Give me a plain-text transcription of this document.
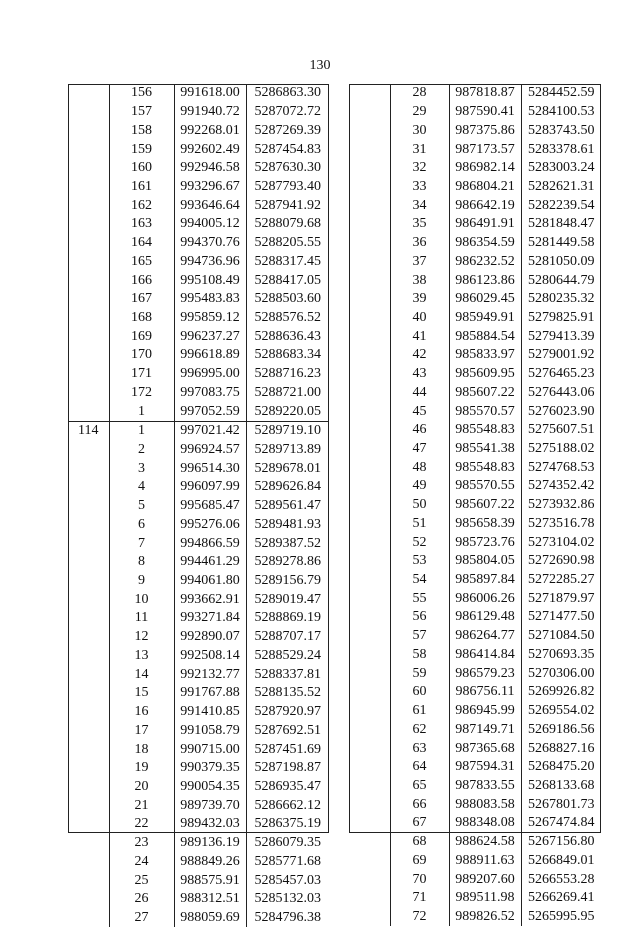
130
	156	991618.00	5286863.30
	157	991940.72	5287072.72
	158	992268.01	5287269.39
	159	992602.49	5287454.83
	160	992946.58	5287630.30
	161	993296.67	5287793.40
	162	993646.64	5287941.92
	163	994005.12	5288079.68
	164	994370.76	5288205.55
	165	994736.96	5288317.45
	166	995108.49	5288417.05
	167	995483.83	5288503.60
	168	995859.12	5288576.52
	169	996237.27	5288636.43
	170	996618.89	5288683.34
	171	996995.00	5288716.23
	172	997083.75	5288721.00
	1	997052.59	5289220.05
114	1	997021.42	5289719.10
	2	996924.57	5289713.89
	3	996514.30	5289678.01
	4	996097.99	5289626.84
	5	995685.47	5289561.47
	6	995276.06	5289481.93
	7	994866.59	5289387.52
	8	994461.29	5289278.86
	9	994061.80	5289156.79
	10	993662.91	5289019.47
	11	993271.84	5288869.19
	12	992890.07	5288707.17
	13	992508.14	5288529.24
	14	992132.77	5288337.81
	15	991767.88	5288135.52
	16	991410.85	5287920.97
	17	991058.79	5287692.51
	18	990715.00	5287451.69
	19	990379.35	5287198.87
	20	990054.35	5286935.47
	21	989739.70	5286662.12
	22	989432.03	5286375.19
	23	989136.19	5286079.35
	24	988849.26	5285771.68
	25	988575.91	5285457.03
	26	988312.51	5285132.03
	27	988059.69	5284796.38
	28	987818.87	5284452.59
	29	987590.41	5284100.53
	30	987375.86	5283743.50
	31	987173.57	5283378.61
	32	986982.14	5283003.24
	33	986804.21	5282621.31
	34	986642.19	5282239.54
	35	986491.91	5281848.47
	36	986354.59	5281449.58
	37	986232.52	5281050.09
	38	986123.86	5280644.79
	39	986029.45	5280235.32
	40	985949.91	5279825.91
	41	985884.54	5279413.39
	42	985833.97	5279001.92
	43	985609.95	5276465.23
	44	985607.22	5276443.06
	45	985570.57	5276023.90
	46	985548.83	5275607.51
	47	985541.38	5275188.02
	48	985548.83	5274768.53
	49	985570.55	5274352.42
	50	985607.22	5273932.86
	51	985658.39	5273516.78
	52	985723.76	5273104.02
	53	985804.05	5272690.98
	54	985897.84	5272285.27
	55	986006.26	5271879.97
	56	986129.48	5271477.50
	57	986264.77	5271084.50
	58	986414.84	5270693.35
	59	986579.23	5270306.00
	60	986756.11	5269926.82
	61	986945.99	5269554.02
	62	987149.71	5269186.56
	63	987365.68	5268827.16
	64	987594.31	5268475.20
	65	987833.55	5268133.68
	66	988083.58	5267801.73
	67	988348.08	5267474.84
	68	988624.58	5267156.80
	69	988911.63	5266849.01
	70	989207.60	5266553.28
	71	989511.98	5266269.41
	72	989826.52	5265995.95
